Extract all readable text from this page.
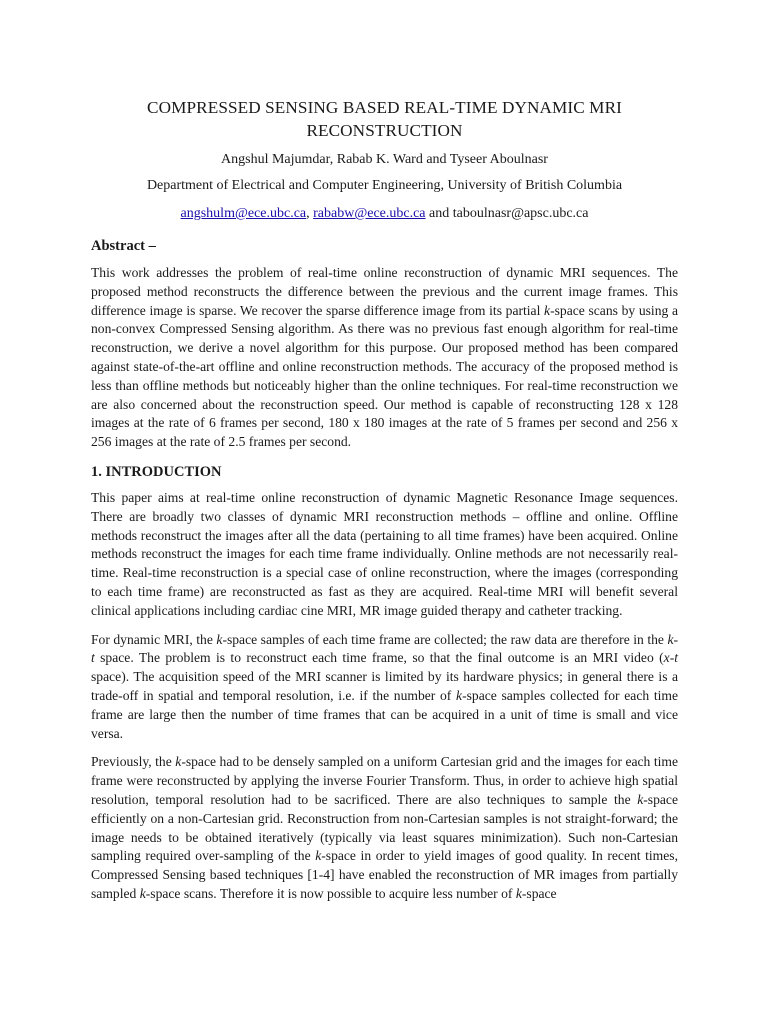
COMPRESSED SENSING BASED REAL-TIME DYNAMIC MRI
RECONSTRUCTION

Angshul Majumdar, Rabab K. Ward and Tyseer Aboulnasr

Department of Electrical and Computer Engineering, University of British Columbia

angshulm@ece.ubc.ca, rababw@ece.ubc.ca and taboulnasr@apsc.ubc.ca

Abstract –

This work addresses the problem of real-time online reconstruction of dynamic MRI sequences. The proposed method reconstructs the difference between the previous and the current image frames. This difference image is sparse. We recover the sparse difference image from its partial k-space scans by using a non-convex Compressed Sensing algorithm. As there was no previous fast enough algorithm for real-time reconstruction, we derive a novel algorithm for this purpose. Our proposed method has been compared against state-of-the-art offline and online reconstruction methods. The accuracy of the proposed method is less than offline methods but noticeably higher than the online techniques. For real-time reconstruction we are also concerned about the reconstruction speed. Our method is capable of reconstructing 128 x 128 images at the rate of 6 frames per second, 180 x 180 images at the rate of 5 frames per second and 256 x 256 images at the rate of 2.5 frames per second.

1. INTRODUCTION

This paper aims at real-time online reconstruction of dynamic Magnetic Resonance Image sequences. There are broadly two classes of dynamic MRI reconstruction methods – offline and online. Offline methods reconstruct the images after all the data (pertaining to all time frames) have been acquired. Online methods reconstruct the images for each time frame individually. Online methods are not necessarily real-time. Real-time reconstruction is a special case of online reconstruction, where the images (corresponding to each time frame) are reconstructed as fast as they are acquired. Real-time MRI will benefit several clinical applications including cardiac cine MRI, MR image guided therapy and catheter tracking.

For dynamic MRI, the k-space samples of each time frame are collected; the raw data are therefore in the k-t space. The problem is to reconstruct each time frame, so that the final outcome is an MRI video (x-t space). The acquisition speed of the MRI scanner is limited by its hardware physics; in general there is a trade-off in spatial and temporal resolution, i.e. if the number of k-space samples collected for each time frame are large then the number of time frames that can be acquired in a unit of time is small and vice versa.

Previously, the k-space had to be densely sampled on a uniform Cartesian grid and the images for each time frame were reconstructed by applying the inverse Fourier Transform. Thus, in order to achieve high spatial resolution, temporal resolution had to be sacrificed. There are also techniques to sample the k-space efficiently on a non-Cartesian grid. Reconstruction from non-Cartesian samples is not straight-forward; the image needs to be obtained iteratively (typically via least squares minimization). Such non-Cartesian sampling required over-sampling of the k-space in order to yield images of good quality. In recent times, Compressed Sensing based techniques [1-4] have enabled the reconstruction of MR images from partially sampled k-space scans. Therefore it is now possible to acquire less number of k-space
